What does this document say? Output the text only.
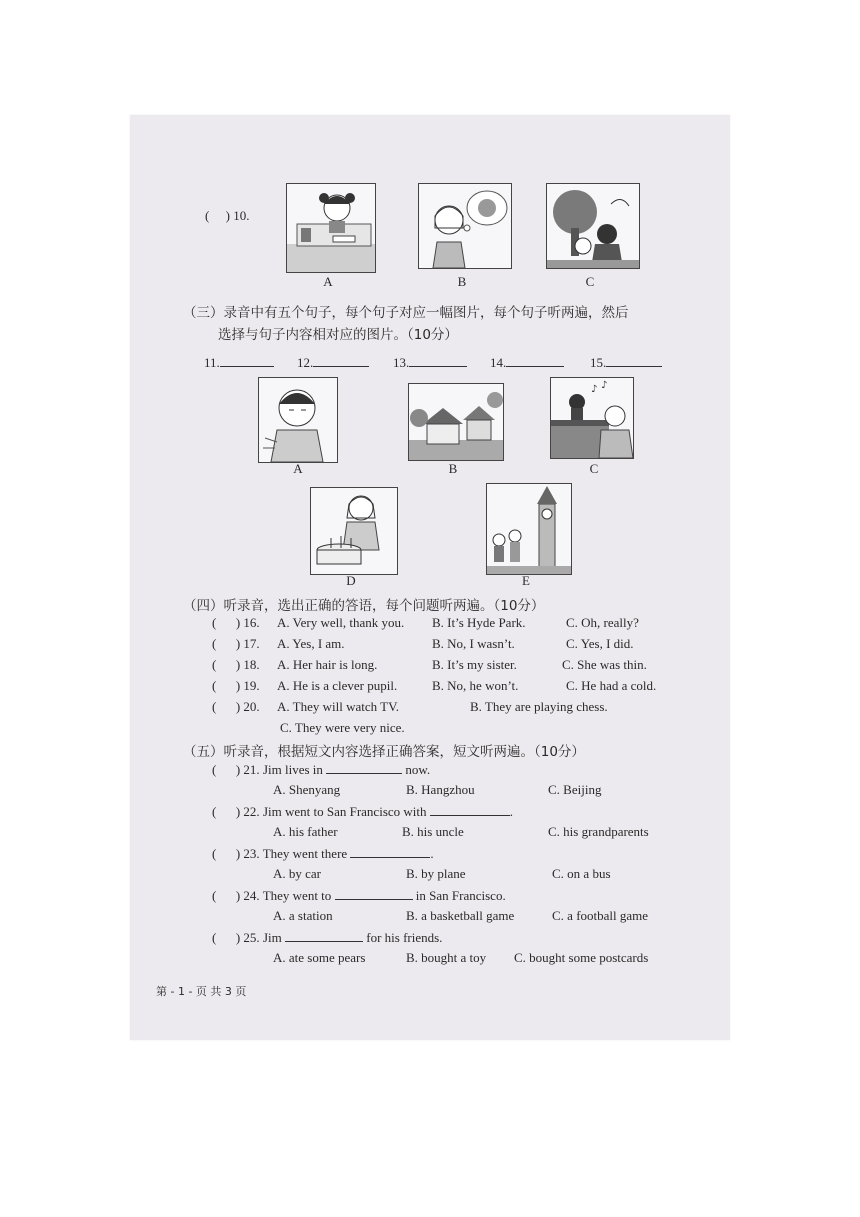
( ) 10.
A	B	C
（三）录音中有五个句子，每个句子对应一幅图片，每个句子听两遍，然后
选择与句子内容相对应的图片。（10分）
11.	12.	13.	14.	15.
♪ ♪
A	B	C
D	E
（四）听录音，选出正确的答语，每个问题听两遍。（10分）
(      ) 16. A. Very well, thank you. B. It’s Hyde Park.	C. Oh, really?
(      ) 17. A. Yes, I am.	B. No, I wasn’t.	C. Yes, I did.
(      ) 18. A. Her hair is long.	B. It’s my sister.	C. She was thin.
(      ) 19. A. He is a clever pupil.	B. No, he won’t.	C. He had a cold.
(      ) 20. A. They will watch TV.	B. They are playing chess.
C. They were very nice.
（五）听录音，根据短文内容选择正确答案，短文听两遍。（10分）
(      ) 21. Jim lives in	now.
A. Shenyang	B. Hangzhou	C. Beijing
(      ) 22. Jim went to San Francisco with	.
A. his father	B. his uncle	C. his grandparents
(      ) 23. They went there	.
A. by car	B. by plane	C. on a bus
(      ) 24. They went to	in San Francisco.
A. a station	B. a basketball game	C. a football game
(      ) 25. Jim	for his friends.
A. ate some pears	B. bought a toy C. bought some postcards
第 - 1 - 页 共 3 页
